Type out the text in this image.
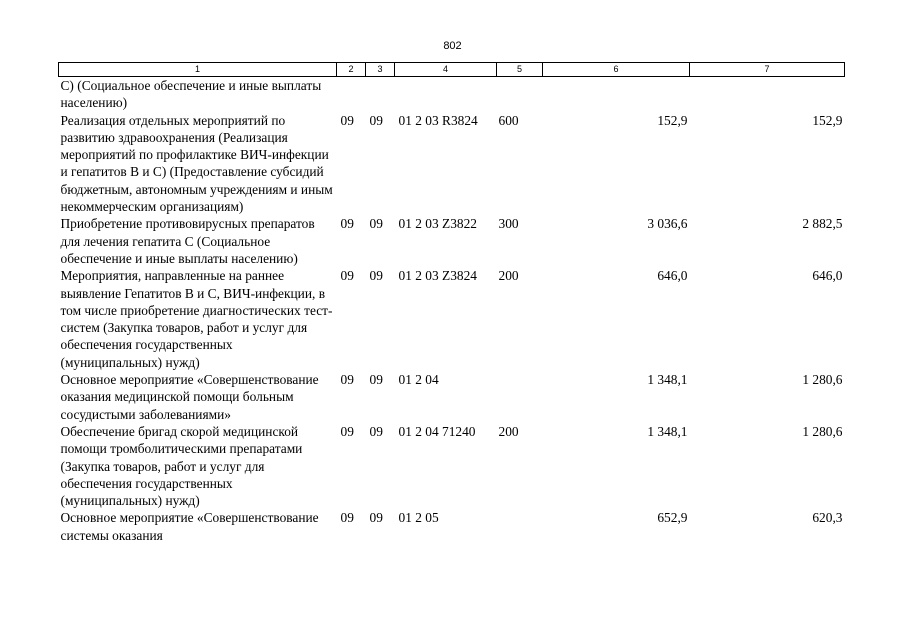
802
1	2	3	4	5	6	7
С) (Социальное обеспечение и иные выплаты населению)						
Реализация отдельных мероприятий по развитию здравоохранения (Реализация мероприятий по профилактике ВИЧ-инфекции и гепатитов В и С) (Предоставление субсидий бюджетным, автономным учреждениям и иным некоммерческим организациям)	09	09	01 2 03 R3824	600	152,9	152,9
Приобретение противовирусных препаратов для лечения гепатита С (Социальное обеспечение и иные выплаты населению)	09	09	01 2 03 Z3822	300	3 036,6	2 882,5
Мероприятия, направленные на раннее выявление Гепатитов В и С, ВИЧ-инфекции, в том числе приобретение диагностических тест-систем (Закупка товаров, работ и услуг для обеспечения государственных (муниципальных) нужд)	09	09	01 2 03 Z3824	200	646,0	646,0
Основное мероприятие «Совершенствование оказания медицинской помощи больным сосудистыми заболеваниями»	09	09	01 2 04		1 348,1	1 280,6
Обеспечение бригад скорой медицинской помощи тромболитическими препаратами (Закупка товаров, работ и услуг для обеспечения государственных (муниципальных) нужд)	09	09	01 2 04 71240	200	1 348,1	1 280,6
Основное мероприятие «Совершенствование системы оказания	09	09	01 2 05		652,9	620,3
